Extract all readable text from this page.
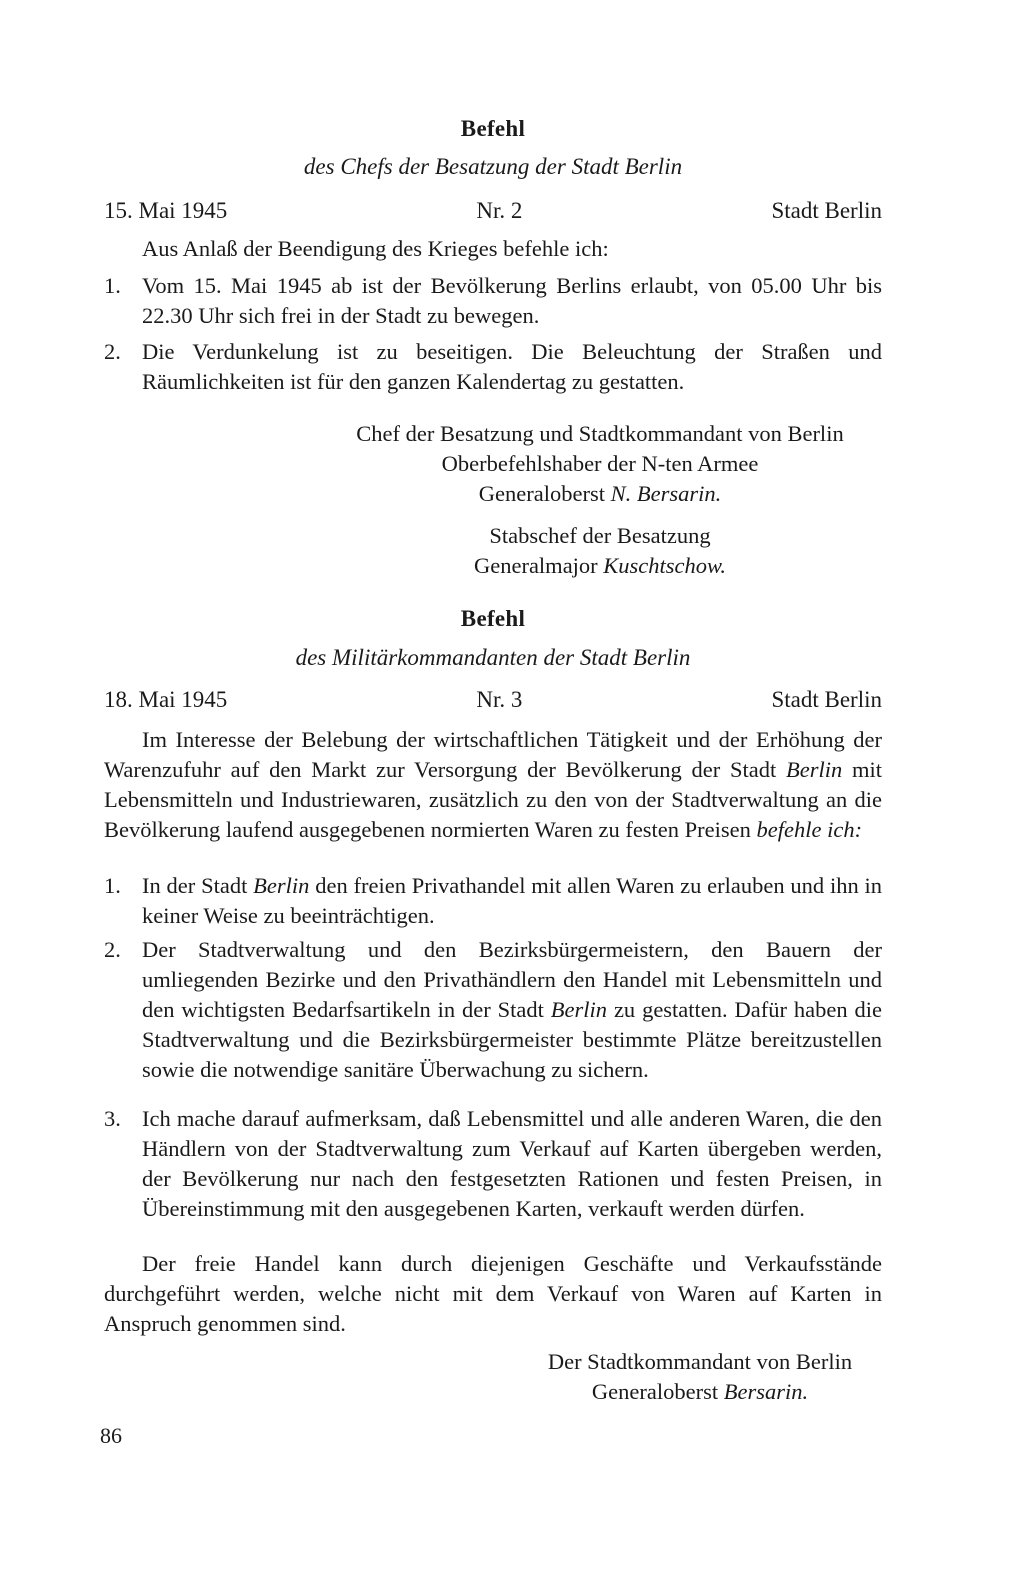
Befehl
des Chefs der Besatzung der Stadt Berlin
15. Mai 1945	Nr. 2	Stadt Berlin
Aus Anlaß der Beendigung des Krieges befehle ich:
1. Vom 15. Mai 1945 ab ist der Bevölkerung Berlins erlaubt, von 05.00 Uhr bis 22.30 Uhr sich frei in der Stadt zu bewegen.
2. Die Verdunkelung ist zu beseitigen. Die Beleuchtung der Straßen und Räumlichkeiten ist für den ganzen Kalendertag zu gestatten.
Chef der Besatzung und Stadtkommandant von Berlin
Oberbefehlshaber der N-ten Armee
Generaloberst N. Bersarin.
Stabschef der Besatzung
Generalmajor Kuschtschow.
Befehl
des Militärkommandanten der Stadt Berlin
18. Mai 1945	Nr. 3	Stadt Berlin
Im Interesse der Belebung der wirtschaftlichen Tätigkeit und der Erhöhung der Warenzufuhr auf den Markt zur Versorgung der Bevölkerung der Stadt Berlin mit Lebensmitteln und Industriewaren, zusätzlich zu den von der Stadtverwaltung an die Bevölkerung laufend ausgegebenen normierten Waren zu festen Preisen befehle ich:
1. In der Stadt Berlin den freien Privathandel mit allen Waren zu erlauben und ihn in keiner Weise zu beeinträchtigen.
2. Der Stadtverwaltung und den Bezirksbürgermeistern, den Bauern der umliegenden Bezirke und den Privathändlern den Handel mit Lebensmitteln und den wichtigsten Bedarfsartikeln in der Stadt Berlin zu gestatten. Dafür haben die Stadtverwaltung und die Bezirksbürgermeister bestimmte Plätze bereitzustellen sowie die notwendige sanitäre Überwachung zu sichern.
3. Ich mache darauf aufmerksam, daß Lebensmittel und alle anderen Waren, die den Händlern von der Stadtverwaltung zum Verkauf auf Karten übergeben werden, der Bevölkerung nur nach den festgesetzten Rationen und festen Preisen, in Übereinstimmung mit den ausgegebenen Karten, verkauft werden dürfen.
Der freie Handel kann durch diejenigen Geschäfte und Verkaufsstände durchgeführt werden, welche nicht mit dem Verkauf von Waren auf Karten in Anspruch genommen sind.
Der Stadtkommandant von Berlin
Generaloberst Bersarin.
86
